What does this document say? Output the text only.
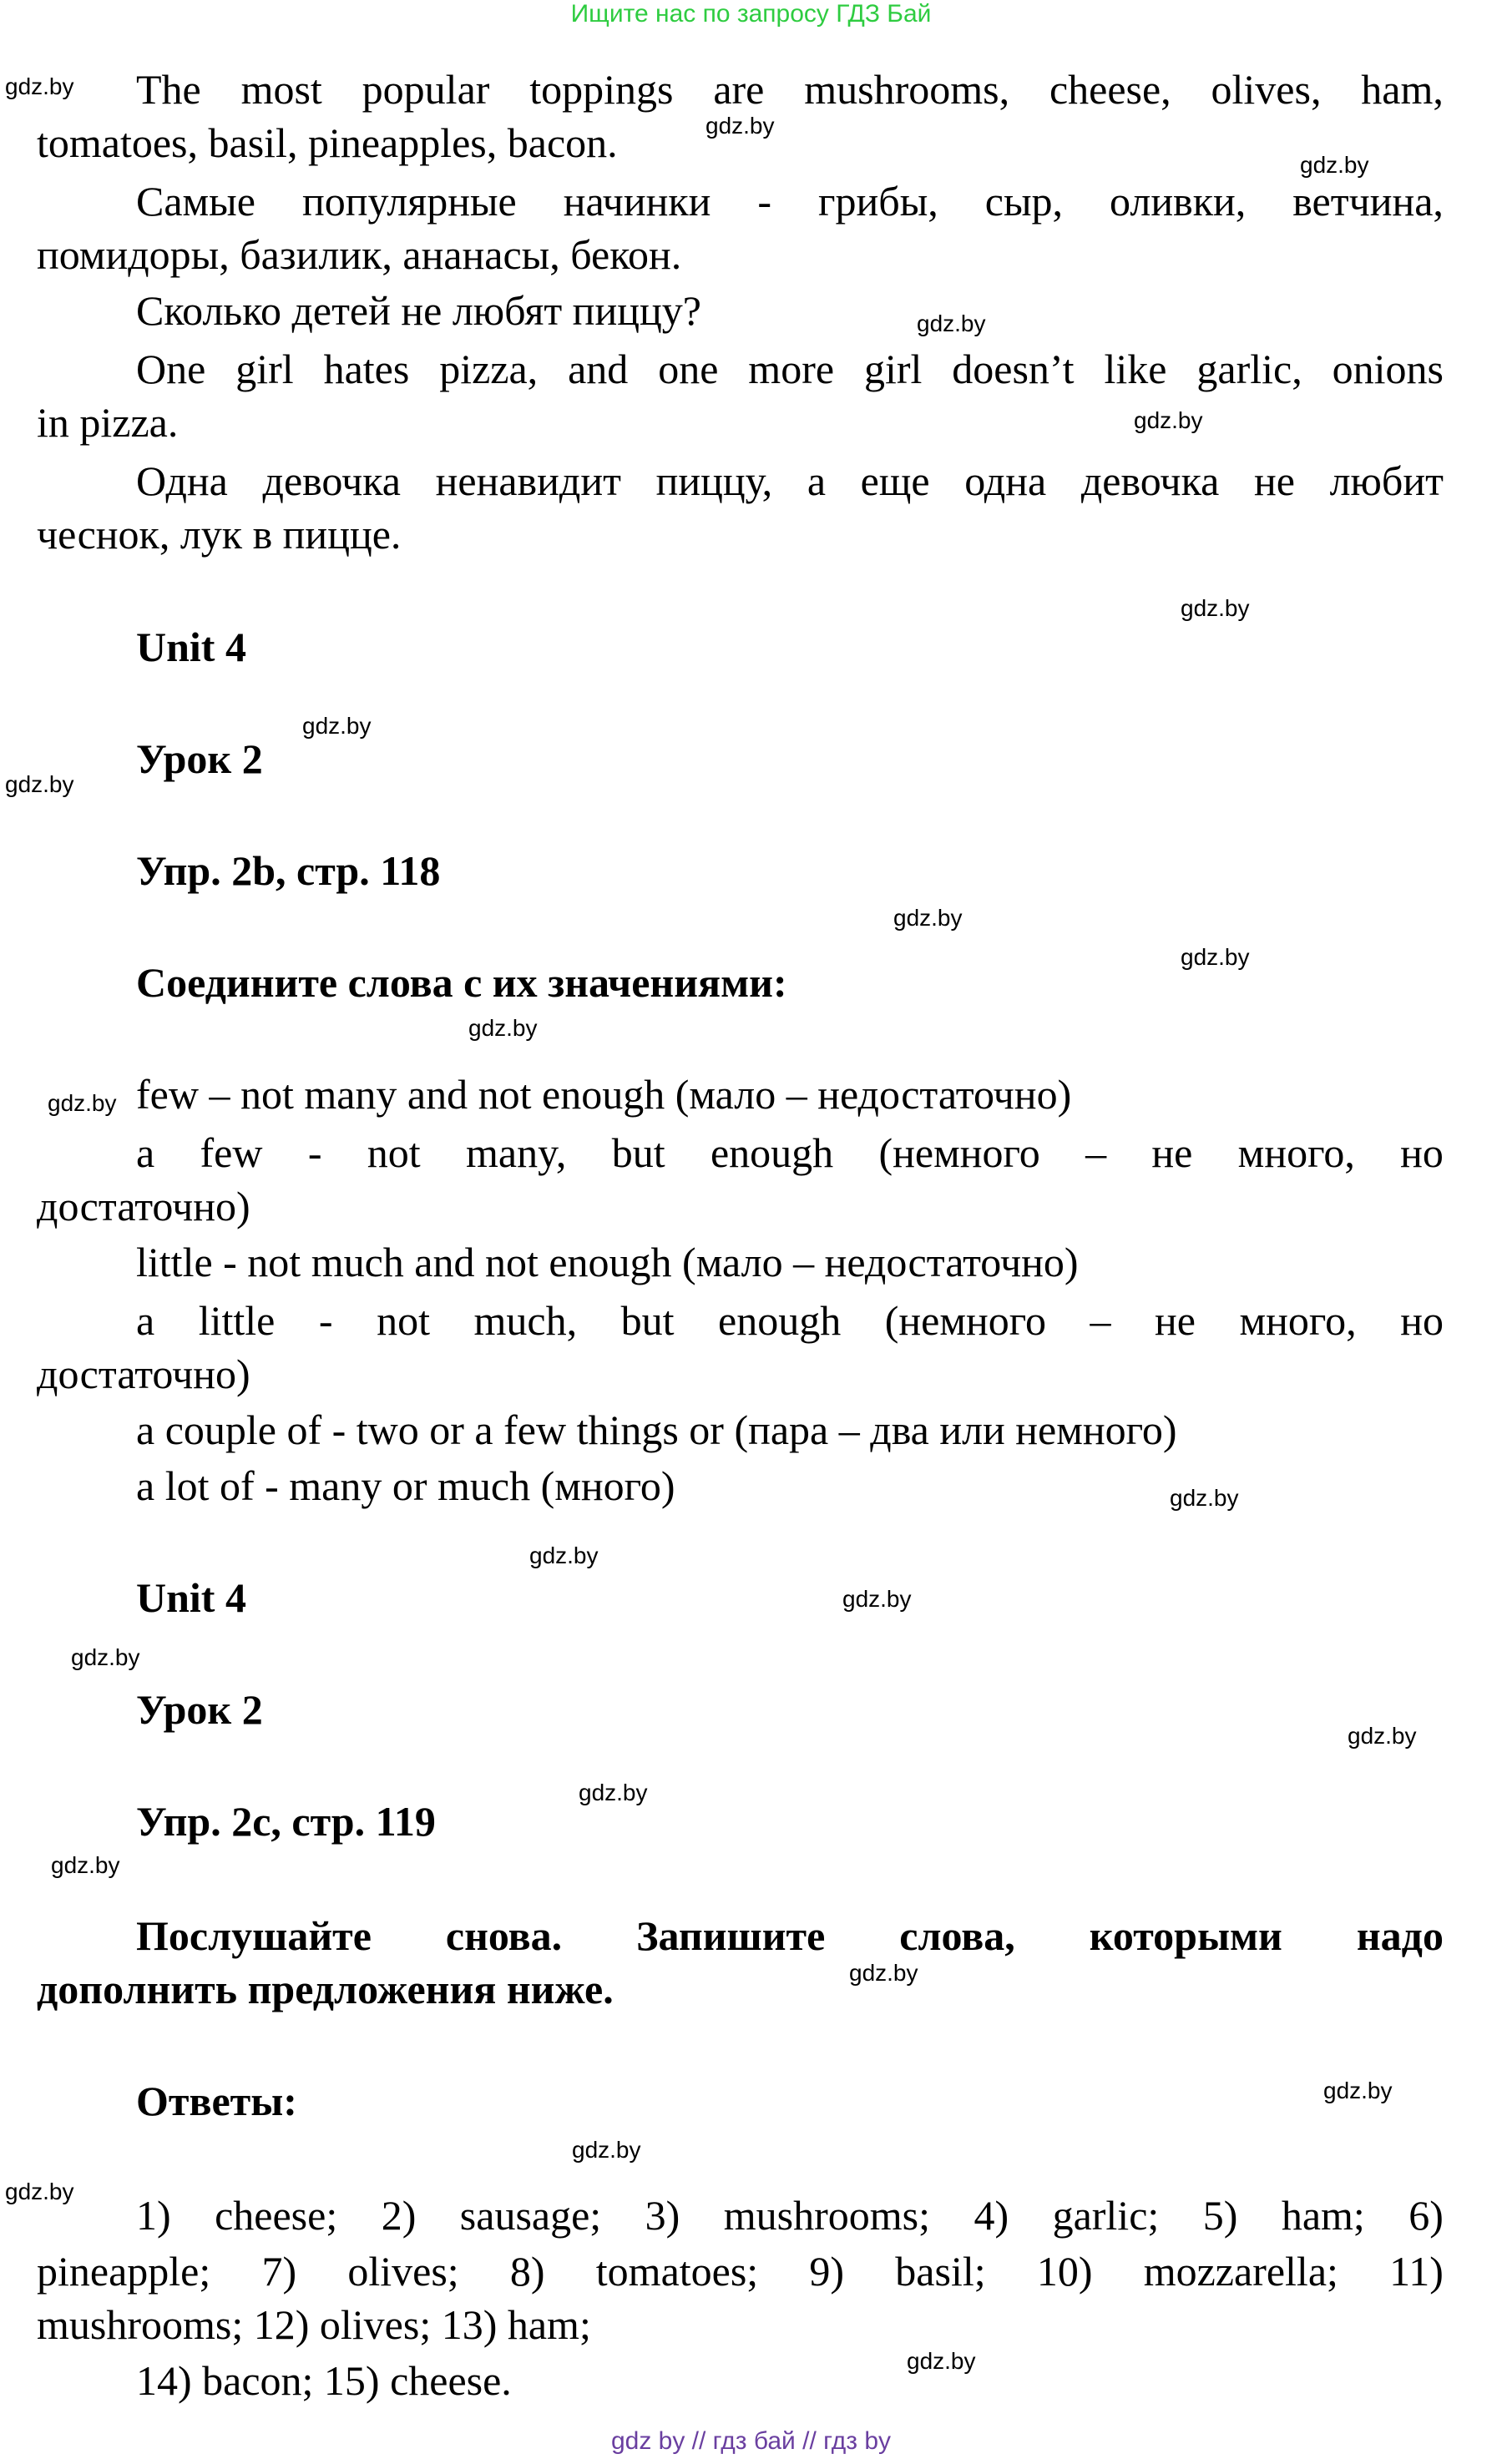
Ищите нас по запросу ГДЗ Бай
The most popular toppings are mushrooms, cheese, olives, ham,
tomatoes, basil, pineapples, bacon.
Самые популярные начинки - грибы, сыр, оливки, ветчина,
помидоры, базилик, ананасы, бекон.
Сколько детей не любят пиццу?
One girl hates pizza, and one more girl doesn’t like garlic, onions
in pizza.
Одна девочка ненавидит пиццу, а еще одна девочка не любит
чеснок, лук в пицце.
Unit 4
Урок 2
Упр. 2b, стр. 118
Соедините слова с их значениями:
few – not many and not enough (мало – недостаточно)
a few - not many, but enough (немного – не много, но
достаточно)
little - not much and not enough (мало – недостаточно)
a little - not much, but enough (немного – не много, но
достаточно)
a couple of - two or a few things or (пара – два или немного)
a lot of - many or much (много)
Unit 4
Урок 2
Упр. 2c, стр. 119
Послушайте снова. Запишите слова, которыми надо
дополнить предложения ниже.
Ответы:
1) cheese; 2) sausage; 3) mushrooms; 4) garlic; 5) ham; 6)
pineapple; 7) olives; 8) tomatoes; 9) basil; 10) mozzarella; 11)
mushrooms; 12) olives; 13) ham;
14) bacon; 15) cheese.
gdz.by
gdz.by
gdz.by
gdz.by
gdz.by
gdz.by
gdz.by
gdz.by
gdz.by
gdz.by
gdz.by
gdz.by
gdz.by
gdz.by
gdz.by
gdz.by
gdz.by
gdz.by
gdz.by
gdz.by
gdz.by
gdz.by
gdz.by
gdz.by
gdz by // гдз бай // гдз by
